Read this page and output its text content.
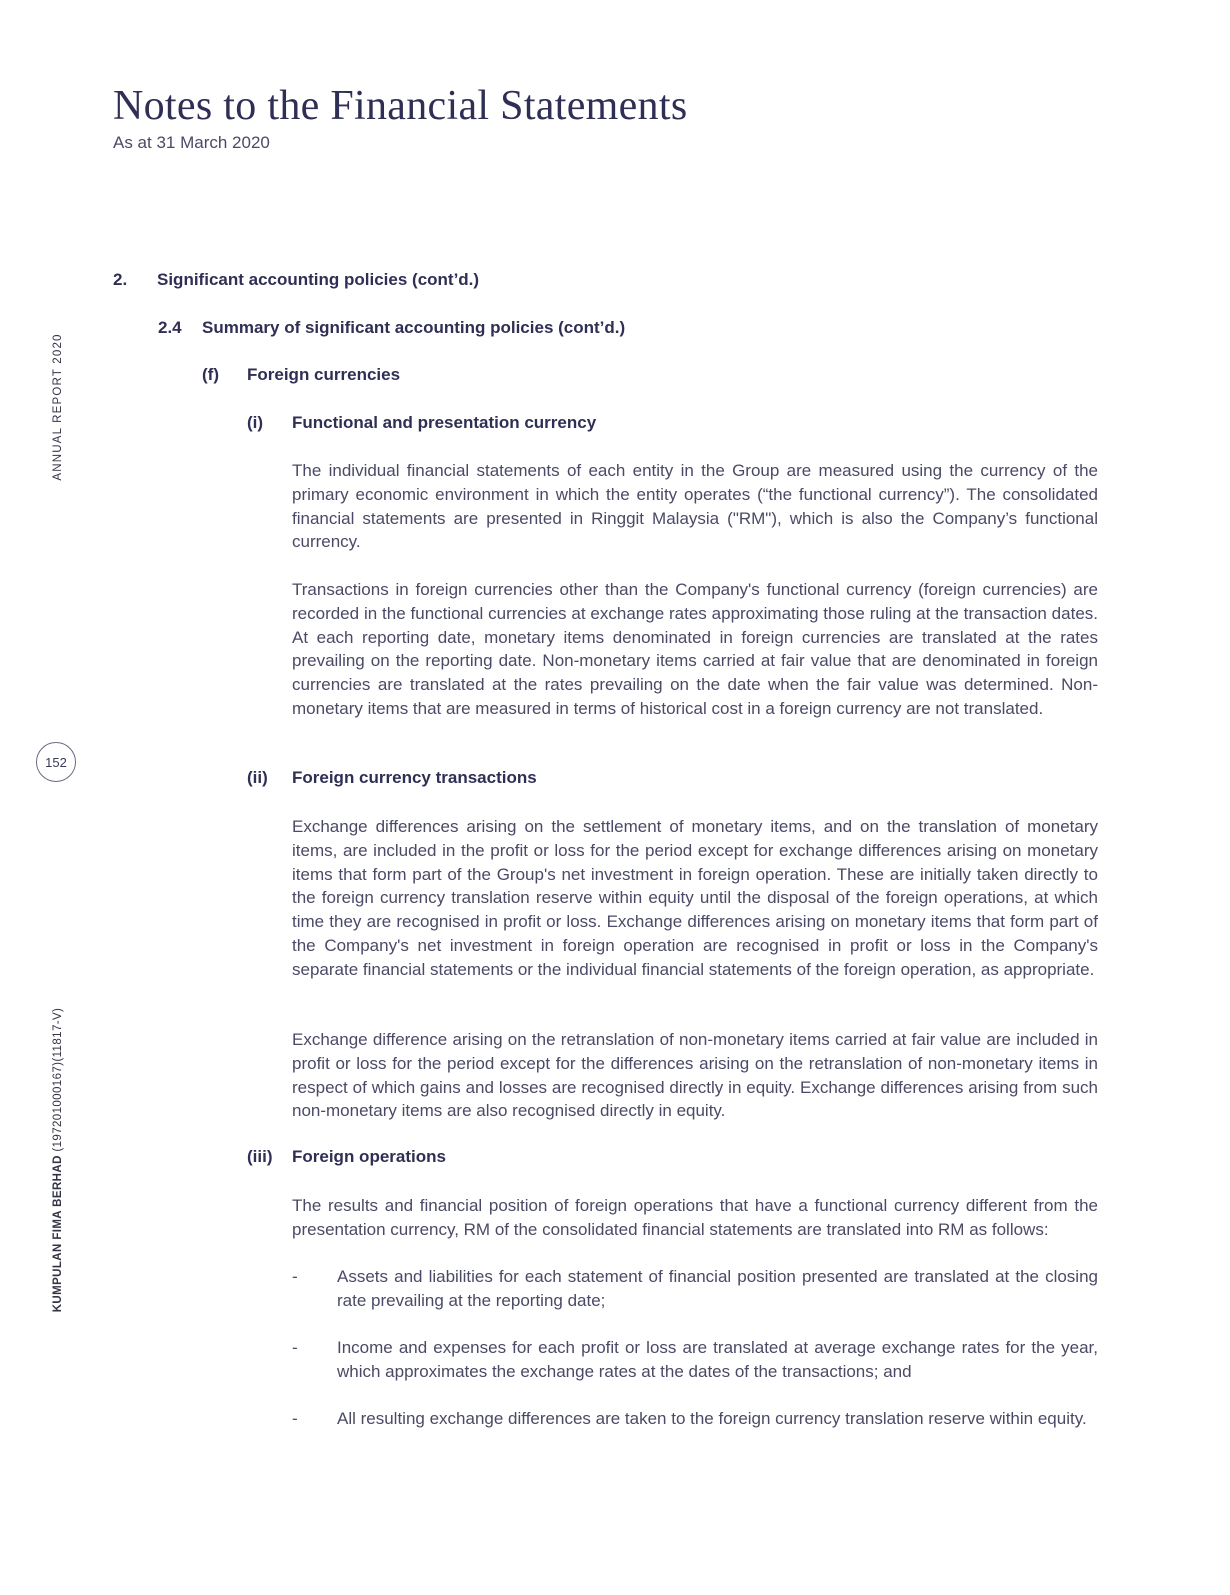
Notes to the Financial Statements
As at 31 March 2020
ANNUAL REPORT 2020
KUMPULAN FIMA BERHAD (197201000167)(11817-V)
152
2. Significant accounting policies (cont’d.)
2.4 Summary of significant accounting policies (cont’d.)
(f) Foreign currencies
(i) Functional and presentation currency

The individual financial statements of each entity in the Group are measured using the currency of the primary economic environment in which the entity operates (“the functional currency”). The consolidated financial statements are presented in Ringgit Malaysia ("RM"), which is also the Company’s functional currency.

Transactions in foreign currencies other than the Company's functional currency (foreign currencies) are recorded in the functional currencies at exchange rates approximating those ruling at the transaction dates. At each reporting date, monetary items denominated in foreign currencies are translated at the rates prevailing on the reporting date. Non-monetary items carried at fair value that are denominated in foreign currencies are translated at the rates prevailing on the date when the fair value was determined. Non-monetary items that are measured in terms of historical cost in a foreign currency are not translated.

(ii) Foreign currency transactions

Exchange differences arising on the settlement of monetary items, and on the translation of monetary items, are included in the profit or loss for the period except for exchange differences arising on monetary items that form part of the Group's net investment in foreign operation. These are initially taken directly to the foreign currency translation reserve within equity until the disposal of the foreign operations, at which time they are recognised in profit or loss. Exchange differences arising on monetary items that form part of the Company's net investment in foreign operation are recognised in profit or loss in the Company's separate financial statements or the individual financial statements of the foreign operation, as appropriate.

Exchange difference arising on the retranslation of non-monetary items carried at fair value are included in profit or loss for the period except for the differences arising on the retranslation of non-monetary items in respect of which gains and losses are recognised directly in equity. Exchange differences arising from such non-monetary items are also recognised directly in equity.

(iii) Foreign operations

The results and financial position of foreign operations that have a functional currency different from the presentation currency, RM of the consolidated financial statements are translated into RM as follows:

- Assets and liabilities for each statement of financial position presented are translated at the closing rate prevailing at the reporting date;
- Income and expenses for each profit or loss are translated at average exchange rates for the year, which approximates the exchange rates at the dates of the transactions; and
- All resulting exchange differences are taken to the foreign currency translation reserve within equity.
